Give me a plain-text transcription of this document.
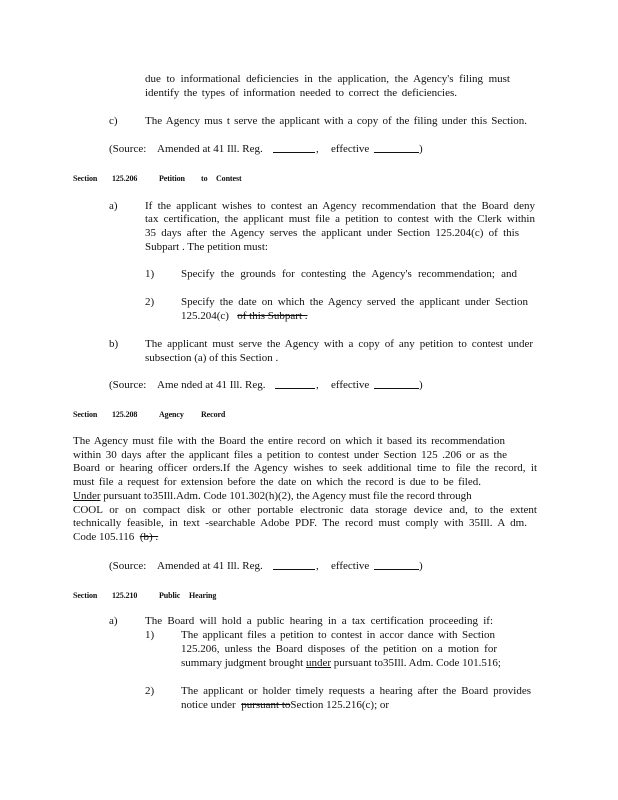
due to informational deficiencies in the application, the Agency's filing must

identify the types of information needed to correct the deficiencies.

c) The Agency mus t serve the applicant with a copy of the filing under this Section.

(Source: Amended at 41 Ill. Reg.	, effective	)
Section 125.206	Petition to Contest
a) If the applicant wishes to contest an Agency recommendation that the Board deny

tax certification, the applicant must file a petition to contest with the Clerk within

35 days after the Agency serves the applicant under Section 125.204(c) of this

Subpart . The petition must:

1) Specify the grounds for contesting the Agency's recommendation; and

2) Specify the date on which the Agency served the applicant under Section

125.204(c) of this Subpart .

b) The applicant must serve the Agency with a copy of any petition to contest under

subsection (a) of this Section .

(Source: Ame nded at 41 Ill. Reg.	, effective	)
Section 125.208	Agency Record

The Agency must file with the Board the entire record on which it based its recommendation

within 30 days after the applicant files a petition to contest under Section 125 .206 or as the

Board or hearing officer orders.If the Agency wishes to seek additional time to file the record, it

must file a request for extension before the date on which the record is due to be filed.

Under pursuant to35Ill.Adm. Code 101.302(h)(2), the Agency must file the record through

COOL or on compact disk or other portable electronic data storage device and, to the extent

technically feasible, in text -searchable Adobe PDF. The record must comply with 35Ill. A dm.

Code 105.116 (b) .

(Source: Amended at 41 Ill. Reg.	, effective	)
Section 125.210	Public Hearing
a) The Board will hold a public hearing in a tax certification proceeding if:

1) The applicant files a petition to contest in accor dance with Section

125.206, unless the Board disposes of the petition on a motion for

summary judgment brought under pursuant to35Ill. Adm. Code 101.516;

2) The applicant or holder timely requests a hearing after the Board provides

notice under pursuant toSection 125.216(c); or
